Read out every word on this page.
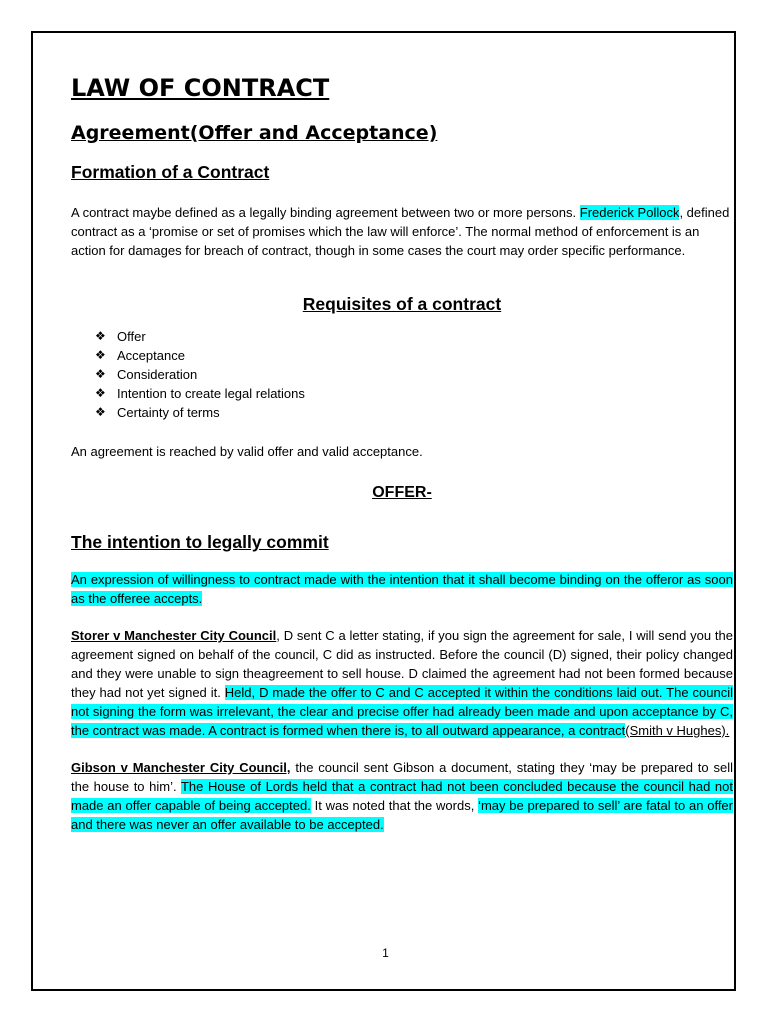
1
LAW OF CONTRACT
Agreement(Offer and Acceptance)
Formation of a Contract

A contract maybe defined as a legally binding agreement between two or more persons. Frederick Pollock, defined contract as a ‘promise or set of promises which the law will enforce’. The normal method of enforcement is an action for damages for breach of contract, though in some cases the court may order specific performance.

Requisites of a contract
❖ Offer
❖ Acceptance
❖ Consideration
❖ Intention to create legal relations
❖ Certainty of terms

An agreement is reached by valid offer and valid acceptance.

OFFER-
The intention to legally commit

An expression of willingness to contract made with the intention that it shall become binding on the offeror as soon as the offeree accepts.

Storer v Manchester City Council, D sent C a letter stating, if you sign the agreement for sale, I will send you the agreement signed on behalf of the council, C did as instructed. Before the council (D) signed, their policy changed and they were unable to sign theagreement to sell house. D claimed the agreement had not been formed because they had not yet signed it. Held, D made the offer to C and C accepted it within the conditions laid out. The council not signing the form was irrelevant, the clear and precise offer had already been made and upon acceptance by C, the contract was made. A contract is formed when there is, to all outward appearance, a contract(Smith v Hughes).

Gibson v Manchester City Council, the council sent Gibson a document, stating they ‘may be prepared to sell the house to him’. The House of Lords held that a contract had not been concluded because the council had not made an offer capable of being accepted. It was noted that the words, ‘may be prepared to sell’ are fatal to an offer and there was never an offer available to be accepted.
